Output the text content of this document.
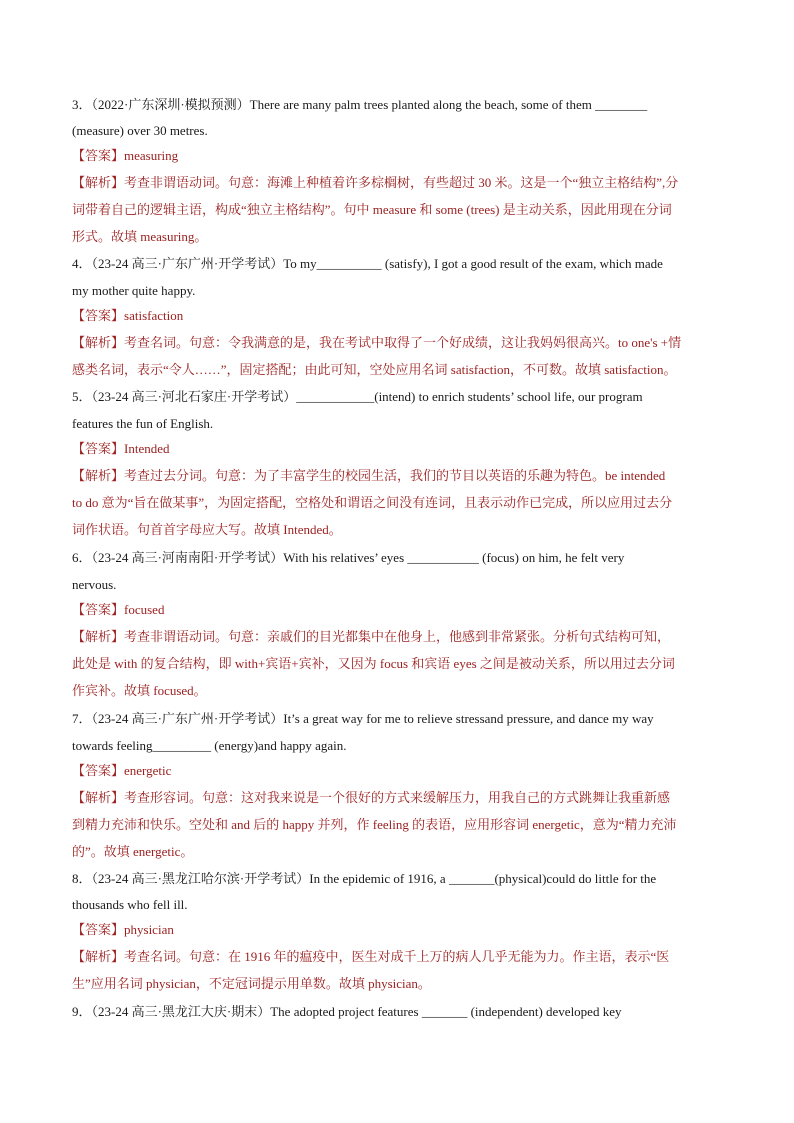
3．（2022·广东深圳·模拟预测）There are many palm trees planted along the beach, some of them ________
(measure) over 30 metres.
【答案】measuring
【解析】考查非谓语动词。句意：海滩上种植着许多棕榈树，有些超过 30 米。这是一个“独立主格结构”,分
词带着自己的逻辑主语，构成“独立主格结构”。句中 measure 和 some (trees) 是主动关系，因此用现在分词
形式。故填 measuring。
4．（23-24 高三·广东广州·开学考试）To my__________ (satisfy), I got a good result of the exam, which made
my mother quite happy.
【答案】satisfaction
【解析】考查名词。句意：令我满意的是，我在考试中取得了一个好成绩，这让我妈妈很高兴。to one's +情
感类名词，表示“令人……”，固定搭配；由此可知，空处应用名词 satisfaction，不可数。故填 satisfaction。
5．（23-24 高三·河北石家庄·开学考试）____________(intend) to enrich students’ school life, our program
features the fun of English.
【答案】Intended
【解析】考查过去分词。句意：为了丰富学生的校园生活，我们的节目以英语的乐趣为特色。be intended
to do 意为“旨在做某事”，为固定搭配，空格处和谓语之间没有连词，且表示动作已完成，所以应用过去分
词作状语。句首首字母应大写。故填 Intended。
6．（23-24 高三·河南南阳·开学考试）With his relatives’ eyes ___________ (focus) on him, he felt very
nervous.
【答案】focused
【解析】考查非谓语动词。句意：亲戚们的目光都集中在他身上，他感到非常紧张。分析句式结构可知，
此处是 with 的复合结构，即 with+宾语+宾补，又因为 focus 和宾语 eyes 之间是被动关系，所以用过去分词
作宾补。故填 focused。
7．（23-24 高三·广东广州·开学考试）It’s a great way for me to relieve stressand pressure, and dance my way
towards feeling_________ (energy)and happy again.
【答案】energetic
【解析】考查形容词。句意：这对我来说是一个很好的方式来缓解压力，用我自己的方式跳舞让我重新感
到精力充沛和快乐。空处和 and 后的 happy 并列，作 feeling 的表语，应用形容词 energetic，意为“精力充沛
的”。故填 energetic。
8．（23-24 高三·黑龙江哈尔滨·开学考试）In the epidemic of 1916, a _______(physical)could do little for the
thousands who fell ill.
【答案】physician
【解析】考查名词。句意：在 1916 年的瘟疫中，医生对成千上万的病人几乎无能为力。作主语，表示“医
生”应用名词 physician，不定冠词提示用单数。故填 physician。
9．（23-24 高三·黑龙江大庆·期末）The adopted project features _______ (independent) developed key
